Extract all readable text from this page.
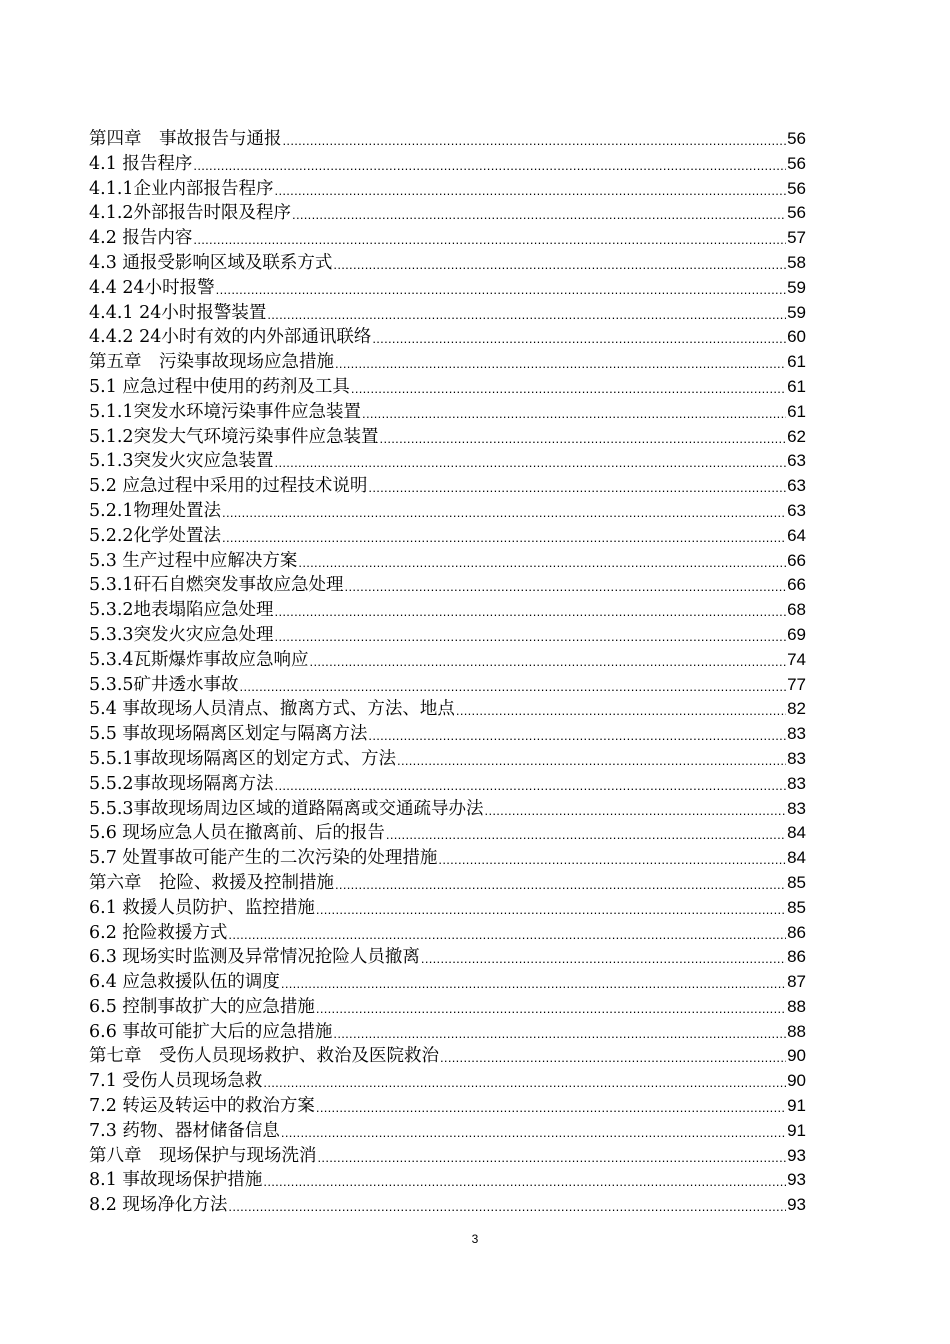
第四章　事故报告与通报 .....	56
4.1 报告程序 .....	56
4.1.1企业内部报告程序 .....	56
4.1.2外部报告时限及程序 .....	56
4.2 报告内容 .....	57
4.3 通报受影响区域及联系方式 .....	58
4.4 24小时报警 .....	59
4.4.1 24小时报警装置 .....	59
4.4.2 24小时有效的内外部通讯联络 .....	60
第五章　污染事故现场应急措施 .....	61
5.1 应急过程中使用的药剂及工具 .....	61
5.1.1突发水环境污染事件应急装置 .....	61
5.1.2突发大气环境污染事件应急装置 .....	62
5.1.3突发火灾应急装置 .....	63
5.2 应急过程中采用的过程技术说明 .....	63
5.2.1物理处置法 .....	63
5.2.2化学处置法 .....	64
5.3 生产过程中应解决方案 .....	66
5.3.1矸石自燃突发事故应急处理 .....	66
5.3.2地表塌陷应急处理 .....	68
5.3.3突发火灾应急处理 .....	69
5.3.4瓦斯爆炸事故应急响应 .....	74
5.3.5矿井透水事故 .....	77
5.4 事故现场人员清点、撤离方式、方法、地点 .....	82
5.5 事故现场隔离区划定与隔离方法 .....	83
5.5.1事故现场隔离区的划定方式、方法 .....	83
5.5.2事故现场隔离方法 .....	83
5.5.3事故现场周边区域的道路隔离或交通疏导办法 .....	83
5.6 现场应急人员在撤离前、后的报告 .....	84
5.7 处置事故可能产生的二次污染的处理措施 .....	84
第六章　抢险、救援及控制措施 .....	85
6.1 救援人员防护、监控措施 .....	85
6.2 抢险救援方式 .....	86
6.3 现场实时监测及异常情况抢险人员撤离 .....	86
6.4 应急救援队伍的调度 .....	87
6.5 控制事故扩大的应急措施 .....	88
6.6 事故可能扩大后的应急措施 .....	88
第七章　受伤人员现场救护、救治及医院救治 .....	90
7.1 受伤人员现场急救 .....	90
7.2 转运及转运中的救治方案 .....	91
7.3 药物、器材储备信息 .....	91
第八章　现场保护与现场洗消 .....	93
8.1 事故现场保护措施 .....	93
8.2 现场净化方法 .....	93
3
